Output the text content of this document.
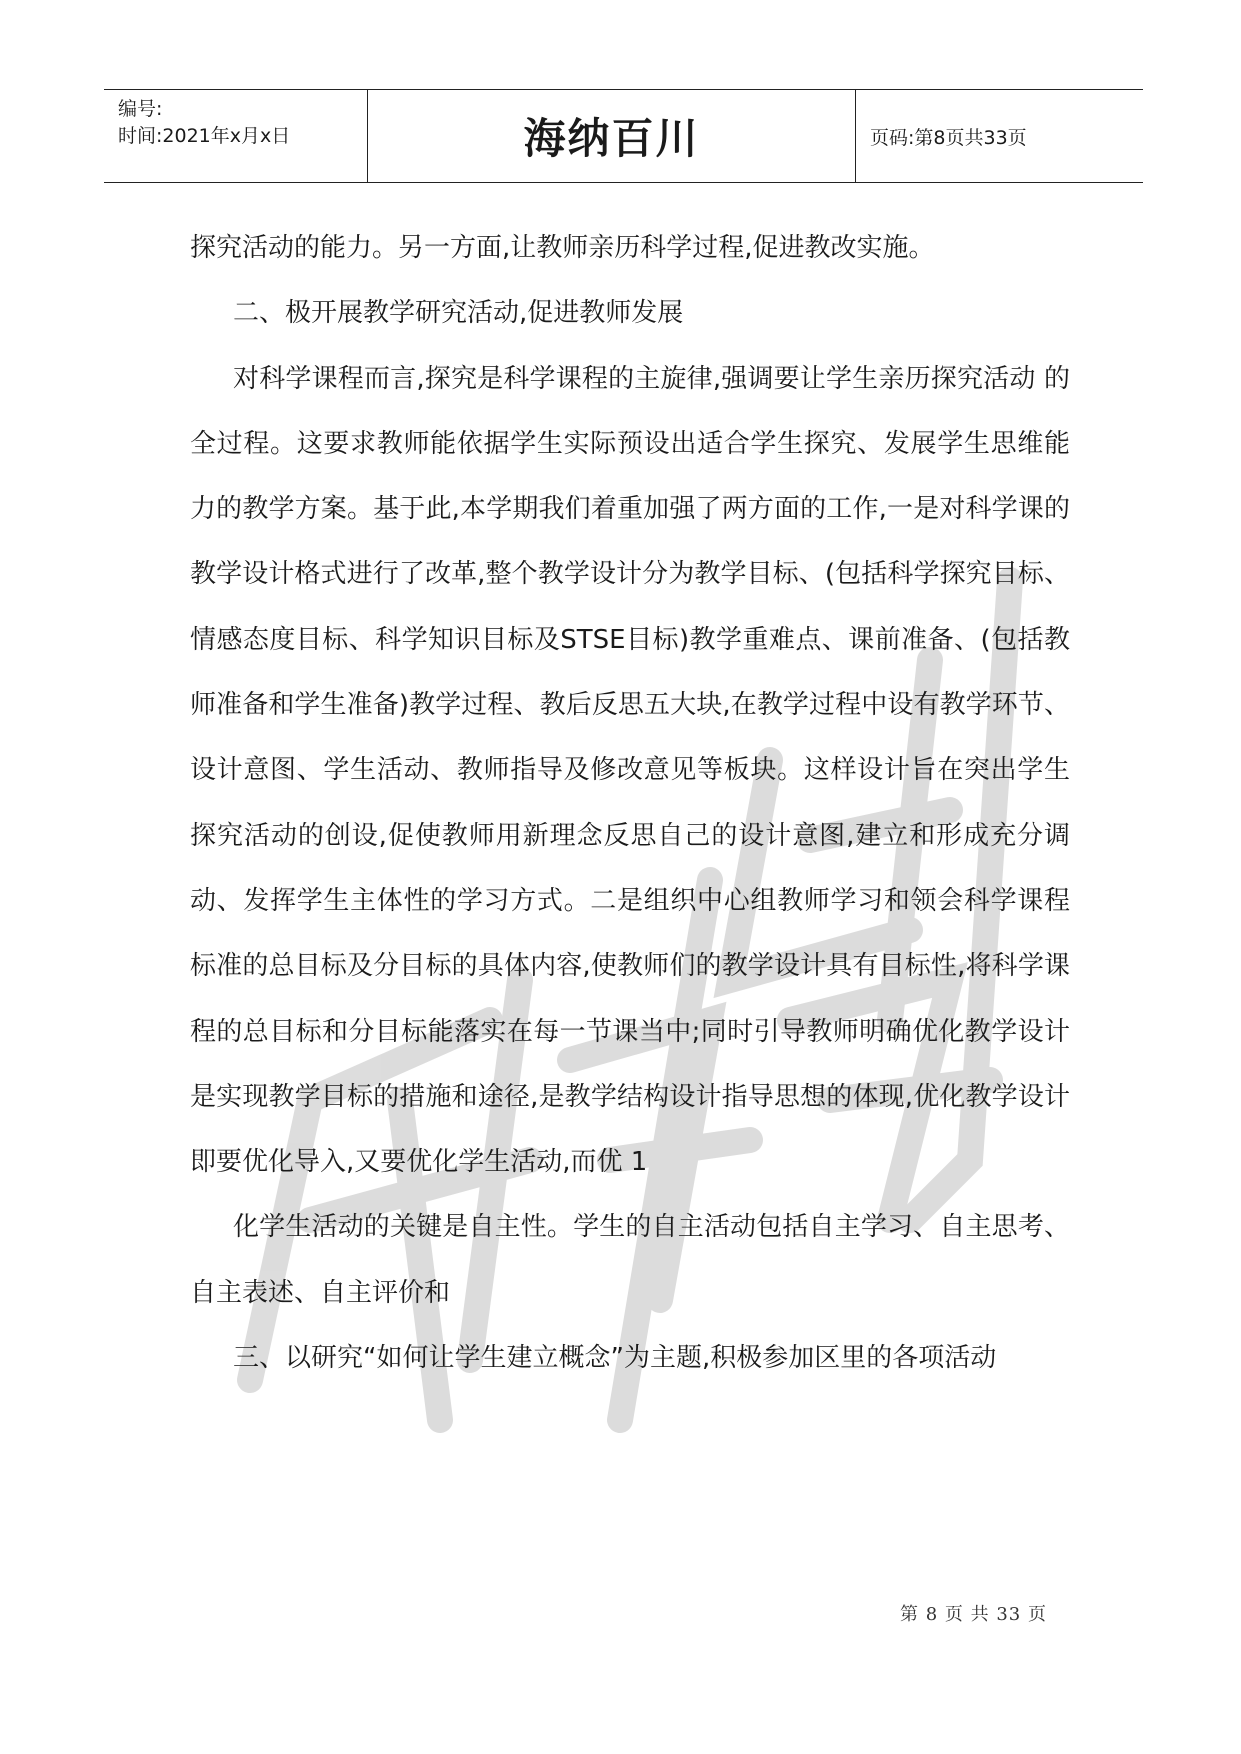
编号:
时间:2021年x月x日	海纳百川	页码:第8页共33页

探究活动的能力。另一方面,让教师亲历科学过程,促进教改实施。

二、极开展教学研究活动,促进教师发展

对科学课程而言,探究是科学课程的主旋律,强调要让学生亲历探究活动 的全过程。这要求教师能依据学生实际预设出适合学生探究、发展学生思维能力的教学方案。基于此,本学期我们着重加强了两方面的工作,一是对科学课的教学设计格式进行了改革,整个教学设计分为教学目标、(包括科学探究目标、情感态度目标、科学知识目标及STSE目标)教学重难点、课前准备、(包括教师准备和学生准备)教学过程、教后反思五大块,在教学过程中设有教学环节、设计意图、学生活动、教师指导及修改意见等板块。这样设计旨在突出学生探究活动的创设,促使教师用新理念反思自己的设计意图,建立和形成充分调动、发挥学生主体性的学习方式。二是组织中心组教师学习和领会科学课程标准的总目标及分目标的具体内容,使教师们的教学设计具有目标性,将科学课程的总目标和分目标能落实在每一节课当中;同时引导教师明确优化教学设计是实现教学目标的措施和途径,是教学结构设计指导思想的体现,优化教学设计即要优化导入,又要优化学生活动,而优 1

化学生活动的关键是自主性。学生的自主活动包括自主学习、自主思考、自主表述、自主评价和

三、以研究“如何让学生建立概念”为主题,积极参加区里的各项活动

第 8 页 共 33 页
